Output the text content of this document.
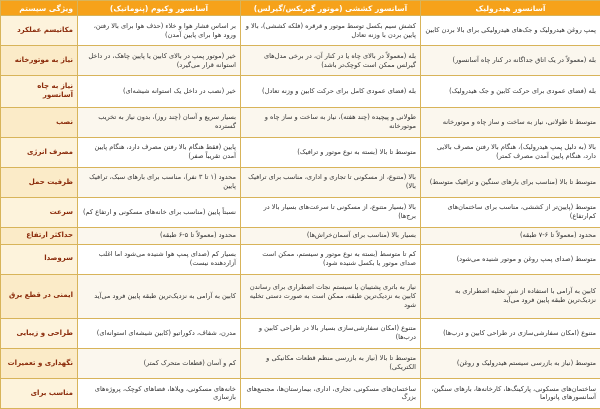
آسانسور هیدرولیک	آسانسور کششی (موتور گیربکس/گیرلس)	آسانسور وکیوم (پنوماتیک)	ویژگی سیستم
پمپ روغن هیدرولیک و جک‌های هیدرولیکی برای بالا بردن کابین	کشش سیم بکسل توسط موتور و قرقره (فلکه کششی)، بالا و پایین بردن با وزنه تعادل	بر اساس فشار هوا و خلاء (حذف هوا برای بالا رفتن، ورود هوا برای پایین آمدن)	مکانیسم عملکرد
بله (معمولاً در یک اتاق جداگانه در کنار چاه آسانسور)	بله (معمولاً در بالای چاه یا در کنار آن، در برخی مدل‌های گیرلس ممکن است کوچک‌تر باشد)	خیر (موتور پمپ در بالای کابین یا پایین چاهک، در داخل استوانه قرار می‌گیرد)	نیاز به موتورخانه
بله (فضای عمودی برای حرکت کابین و جک هیدرولیک)	بله (فضای عمودی کامل برای حرکت کابین و وزنه تعادل)	خیر (نصب در داخل یک استوانه شیشه‌ای)	نیاز به چاه آسانسور
متوسط تا طولانی، نیاز به ساخت و ساز چاه و موتورخانه	طولانی و پیچیده (چند هفته)، نیاز به ساخت و ساز چاه و موتورخانه	بسیار سریع و آسان (چند روز)، بدون نیاز به تخریب گسترده	نصب
بالا (به دلیل پمپ هیدرولیک)، هنگام بالا رفتن مصرف بالایی دارد، هنگام پایین آمدن مصرف کمتر)	متوسط تا بالا (بسته به نوع موتور و ترافیک)	پایین (فقط هنگام بالا رفتن مصرف دارد، هنگام پایین آمدن تقریباً صفر)	مصرف انرژی
متوسط تا بالا (مناسب برای بارهای سنگین و ترافیک متوسط)	بالا (متنوع، از مسکونی تا تجاری و اداری، مناسب برای ترافیک بالا)	محدود (۱ تا ۳ نفر)، مناسب برای بارهای سبک، ترافیک پایین	ظرفیت حمل
متوسط (پایین‌تر از کششی، مناسب برای ساختمان‌های کم‌ارتفاع)	بالا (بسیار متنوع، از مسکونی تا سرعت‌های بسیار بالا در برج‌ها)	نسبتاً پایین (مناسب برای خانه‌های مسکونی و ارتفاع کم)	سرعت
محدود (معمولاً تا ۶-۷ طبقه)	بسیار بالا (مناسب برای آسمان‌خراش‌ها)	محدود (معمولاً تا ۵-۶ طبقه)	حداکثر ارتفاع
متوسط (صدای پمپ روغن و موتور شنیده می‌شود)	کم تا متوسط (بسته به نوع موتور و سیستم، ممکن است صدای موتور یا بکسل شنیده شود)	بسیار کم (صدای پمپ هوا شنیده می‌شود اما اغلب آزاردهنده نیست)	سروصدا
کابین به آرامی با استفاده از شیر تخلیه اضطراری به نزدیک‌ترین طبقه پایین فرود می‌آید	نیاز به باتری پشتیبان یا سیستم نجات اضطراری برای رساندن کابین به نزدیک‌ترین طبقه، ممکن است به صورت دستی تخلیه شود	کابین به آرامی به نزدیک‌ترین طبقه پایین فرود می‌آید	ایمنی در قطع برق
متنوع (امکان سفارشی‌سازی در طراحی کابین و درب‌ها)	متنوع (امکان سفارشی‌سازی بسیار بالا در طراحی کابین و درب‌ها)	مدرن، شفاف، دکوراتیو (کابین شیشه‌ای استوانه‌ای)	طراحی و زیبایی
متوسط (نیاز به بازرسی سیستم هیدرولیک و روغن)	متوسط تا بالا (نیاز به بازرسی منظم قطعات مکانیکی و الکتریکی)	کم و آسان (قطعات متحرک کمتر)	نگهداری و تعمیرات
ساختمان‌های مسکونی، پارکینگ‌ها، کارخانه‌ها، بارهای سنگین، آسانسورهای پانوراما	ساختمان‌های مسکونی، تجاری، اداری، بیمارستان‌ها، مجتمع‌های بزرگ	خانه‌های مسکونی، ویلاها، فضاهای کوچک، پروژه‌های بازسازی	مناسب برای
